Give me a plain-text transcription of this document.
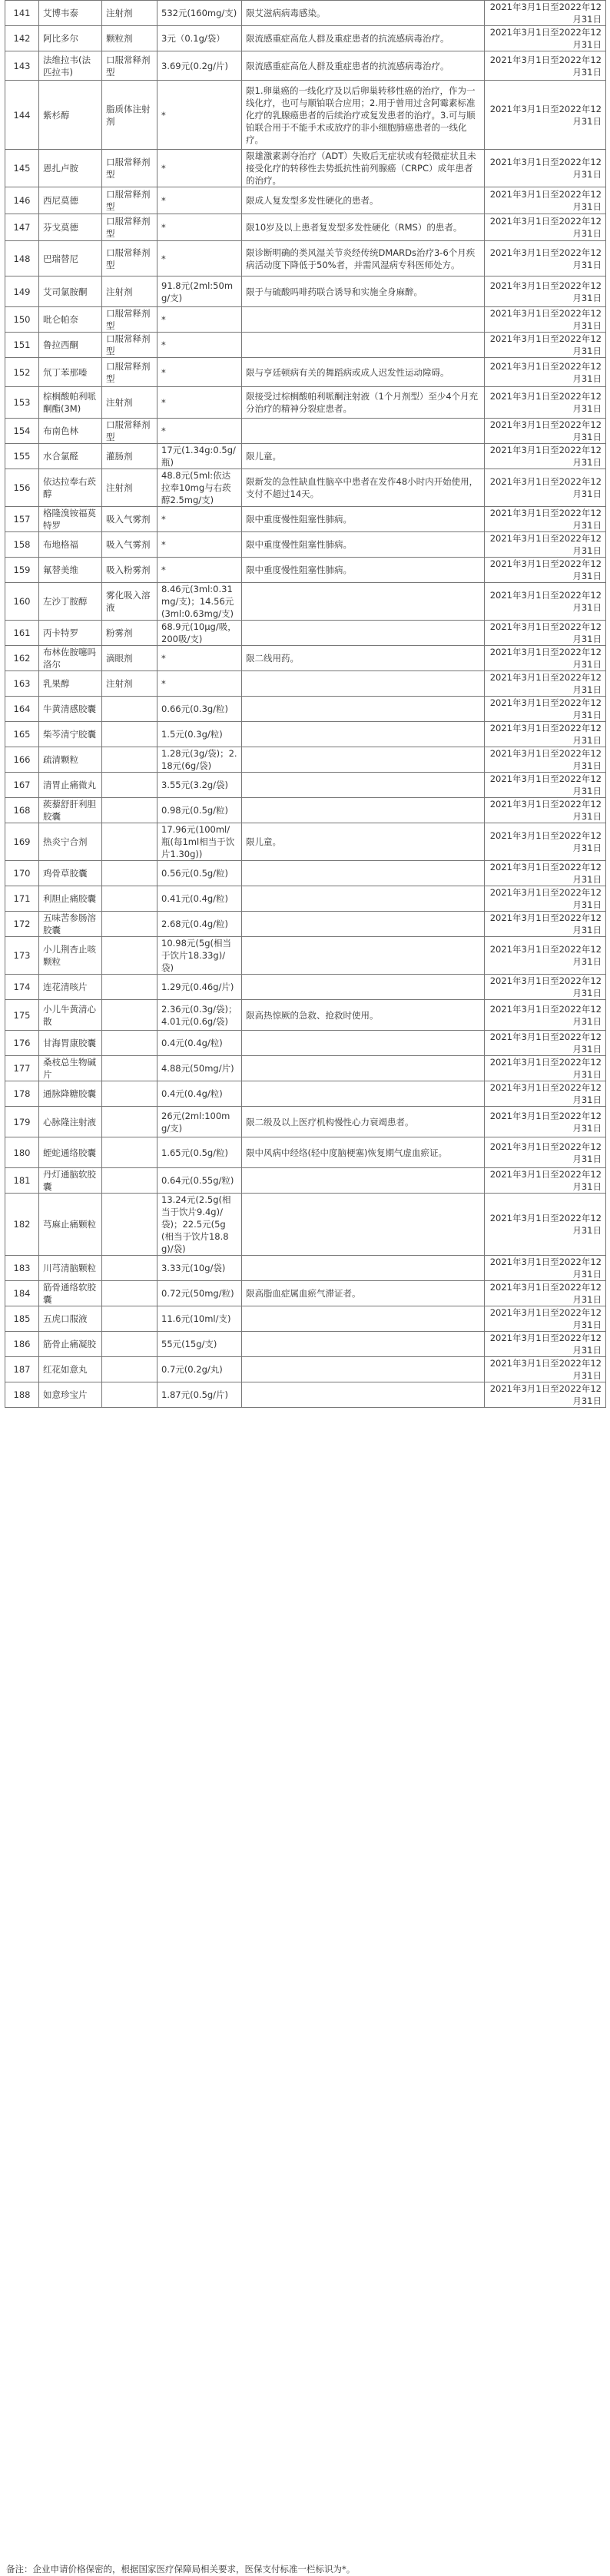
141	艾博韦泰	注射剂	532元(160mg/支)	限艾滋病病毒感染。	2021年3月1日至2022年12月31日
142	阿比多尔	颗粒剂	3元（0.1g/袋）	限流感重症高危人群及重症患者的抗流感病毒治疗。	2021年3月1日至2022年12月31日
143	法维拉韦(法匹拉韦)	口服常释剂型	3.69元(0.2g/片)	限流感重症高危人群及重症患者的抗流感病毒治疗。	2021年3月1日至2022年12月31日
144	紫杉醇	脂质体注射剂	*	限1.卵巢癌的一线化疗及以后卵巢转移性癌的治疗，作为一线化疗，也可与顺铂联合应用；2.用于曾用过含阿霉素标准化疗的乳腺癌患者的后续治疗或复发患者的治疗。3.可与顺铂联合用于不能手术或放疗的非小细胞肺癌患者的一线化疗。	2021年3月1日至2022年12月31日
145	恩扎卢胺	口服常释剂型	*	限雄激素剥夺治疗（ADT）失败后无症状或有轻微症状且未接受化疗的转移性去势抵抗性前列腺癌（CRPC）成年患者的治疗。	2021年3月1日至2022年12月31日
146	西尼莫德	口服常释剂型	*	限成人复发型多发性硬化的患者。	2021年3月1日至2022年12月31日
147	芬戈莫德	口服常释剂型	*	限10岁及以上患者复发型多发性硬化（RMS）的患者。	2021年3月1日至2022年12月31日
148	巴瑞替尼	口服常释剂型	*	限诊断明确的类风湿关节炎经传统DMARDs治疗3-6个月疾病活动度下降低于50%者，并需风湿病专科医师处方。	2021年3月1日至2022年12月31日
149	艾司氯胺酮	注射剂	91.8元(2ml:50mg/支)	限于与硫酸吗啡药联合诱导和实施全身麻醉。	2021年3月1日至2022年12月31日
150	吡仑帕奈	口服常释剂型	*		2021年3月1日至2022年12月31日
151	鲁拉西酮	口服常释剂型	*		2021年3月1日至2022年12月31日
152	氘丁苯那嗪	口服常释剂型	*	限与亨廷顿病有关的舞蹈病或成人迟发性运动障碍。	2021年3月1日至2022年12月31日
153	棕榈酸帕利哌酮酯(3M)	注射剂	*	限接受过棕榈酸帕利哌酮注射液（1个月剂型）至少4个月充分治疗的精神分裂症患者。	2021年3月1日至2022年12月31日
154	布南色林	口服常释剂型	*		2021年3月1日至2022年12月31日
155	水合氯醛	灌肠剂	17元(1.34g:0.5g/瓶)	限儿童。	2021年3月1日至2022年12月31日
156	依达拉奉右莰醇	注射剂	48.8元(5ml:依达拉奉10mg与右莰醇2.5mg/支)	限新发的急性缺血性脑卒中患者在发作48小时内开始使用，支付不超过14天。	2021年3月1日至2022年12月31日
157	格隆溴铵福莫特罗	吸入气雾剂	*	限中重度慢性阻塞性肺病。	2021年3月1日至2022年12月31日
158	布地格福	吸入气雾剂	*	限中重度慢性阻塞性肺病。	2021年3月1日至2022年12月31日
159	氟替美维	吸入粉雾剂	*	限中重度慢性阻塞性肺病。	2021年3月1日至2022年12月31日
160	左沙丁胺醇	雾化吸入溶液	8.46元(3ml:0.31mg/支)；14.56元(3ml:0.63mg/支)		2021年3月1日至2022年12月31日
161	丙卡特罗	粉雾剂	68.9元(10μg/吸，200吸/支)		2021年3月1日至2022年12月31日
162	布林佐胺噻吗洛尔	滴眼剂	*	限二线用药。	2021年3月1日至2022年12月31日
163	乳果醇	注射剂	*		2021年3月1日至2022年12月31日
164	牛黄清感胶囊		0.66元(0.3g/粒)		2021年3月1日至2022年12月31日
165	柴芩清宁胶囊		1.5元(0.3g/粒)		2021年3月1日至2022年12月31日
166	疏清颗粒		1.28元(3g/袋)；2.18元(6g/袋)		2021年3月1日至2022年12月31日
167	清胃止痛微丸		3.55元(3.2g/袋)		2021年3月1日至2022年12月31日
168	蒺藜舒肝利胆胶囊		0.98元(0.5g/粒)		2021年3月1日至2022年12月31日
169	热炎宁合剂		17.96元(100ml/瓶(每1ml相当于饮片1.30g))	限儿童。	2021年3月1日至2022年12月31日
170	鸡骨草胶囊		0.56元(0.5g/粒)		2021年3月1日至2022年12月31日
171	利胆止痛胶囊		0.41元(0.4g/粒)		2021年3月1日至2022年12月31日
172	五味苦参肠溶胶囊		2.68元(0.4g/粒)		2021年3月1日至2022年12月31日
173	小儿荆杏止咳颗粒		10.98元(5g(相当于饮片18.33g)/袋)		2021年3月1日至2022年12月31日
174	连花清咳片		1.29元(0.46g/片)		2021年3月1日至2022年12月31日
175	小儿牛黄清心散		2.36元(0.3g/袋)；4.01元(0.6g/袋)	限高热惊厥的急救、抢救时使用。	2021年3月1日至2022年12月31日
176	甘海胃康胶囊		0.4元(0.4g/粒)		2021年3月1日至2022年12月31日
177	桑枝总生物碱片		4.88元(50mg/片)		2021年3月1日至2022年12月31日
178	通脉降糖胶囊		0.4元(0.4g/粒)		2021年3月1日至2022年12月31日
179	心脉隆注射液		26元(2ml:100mg/支)	限二级及以上医疗机构慢性心力衰竭患者。	2021年3月1日至2022年12月31日
180	蛭蛇通络胶囊		1.65元(0.5g/粒)	限中风病中经络(轻中度脑梗塞)恢复期气虚血瘀证。	2021年3月1日至2022年12月31日
181	丹灯通脑软胶囊		0.64元(0.55g/粒)		2021年3月1日至2022年12月31日
182	芎麻止痛颗粒		13.24元(2.5g(相当于饮片9.4g)/袋)；22.5元(5g(相当于饮片18.8g)/袋)		2021年3月1日至2022年12月31日
183	川芎清脑颗粒		3.33元(10g/袋)		2021年3月1日至2022年12月31日
184	筋骨通络软胶囊		0.72元(50mg/粒)	限高脂血症属血瘀气滞证者。	2021年3月1日至2022年12月31日
185	五虎口服液		11.6元(10ml/支)		2021年3月1日至2022年12月31日
186	筋骨止痛凝胶		55元(15g/支)		2021年3月1日至2022年12月31日
187	红花如意丸		0.7元(0.2g/丸)		2021年3月1日至2022年12月31日
188	如意珍宝片		1.87元(0.5g/片)		2021年3月1日至2022年12月31日
备注：企业申请价格保密的，根据国家医疗保障局相关要求，医保支付标准一栏标识为*。
